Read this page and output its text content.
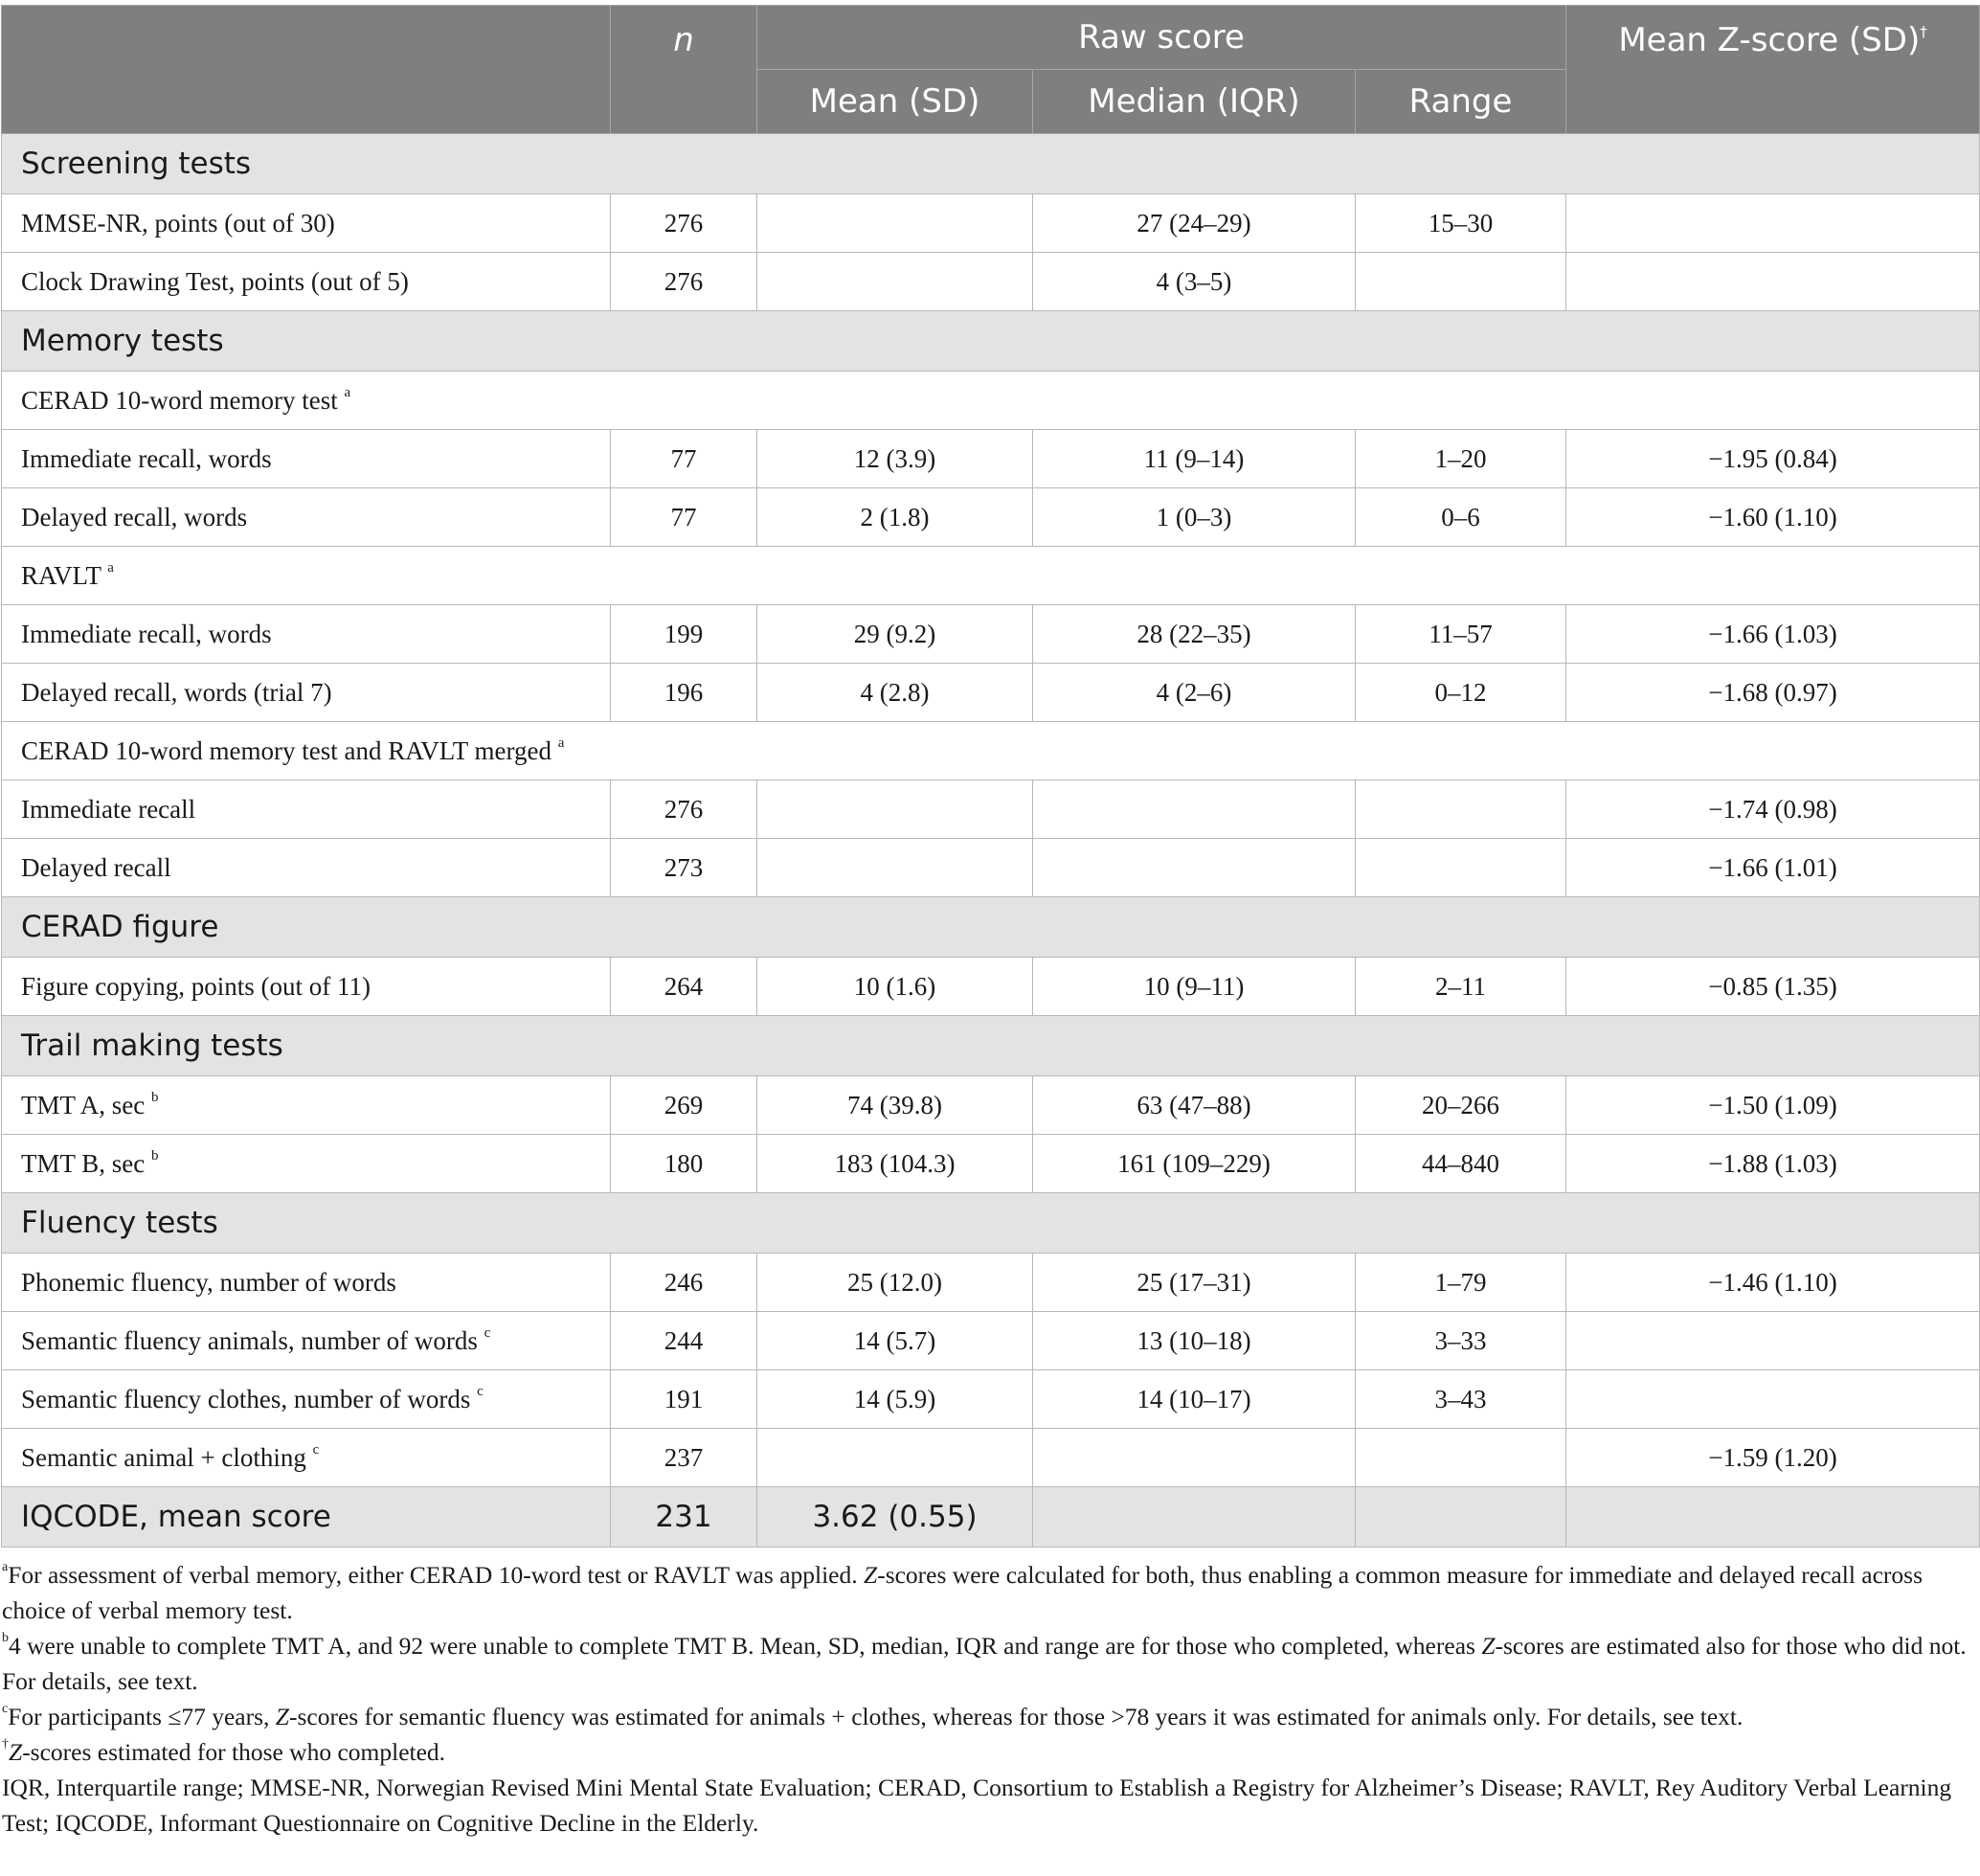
	n	Raw score			Mean Z-score (SD)†
		Mean (SD)	Median (IQR)	Range	
Screening tests					
MMSE-NR, points (out of 30)	276		27 (24–29)	15–30	
Clock Drawing Test, points (out of 5)	276		4 (3–5)		
Memory tests					
CERAD 10-word memory test $^a$
Immediate recall, words	77	12 (3.9)	11 (9–14)	1–20	−1.95 (0.84)
Delayed recall, words	77	2 (1.8)	1 (0–3)	0–6	−1.60 (1.10)
RAVLT $^a$
Immediate recall, words	199	29 (9.2)	28 (22–35)	11–57	−1.66 (1.03)
Delayed recall, words (trial 7)	196	4 (2.8)	4 (2–6)	0–12	−1.68 (0.97)
CERAD 10-word memory test and RAVLT merged $^a$
Immediate recall	276				−1.74 (0.98)
Delayed recall	273				−1.66 (1.01)
CERAD figure					
Figure copying, points (out of 11)	264	10 (1.6)	10 (9–11)	2–11	−0.85 (1.35)
Trail making tests					
TMT A, sec $^b$	269	74 (39.8)	63 (47–88)	20–266	−1.50 (1.09)
TMT B, sec $^b$	180	183 (104.3)	161 (109–229)	44–840	−1.88 (1.03)
Fluency tests					
Phonemic fluency, number of words	246	25 (12.0)	25 (17–31)	1–79	−1.46 (1.10)
Semantic fluency animals, number of words $^c$	244	14 (5.7)	13 (10–18)	3–33	
Semantic fluency clothes, number of words $^c$	191	14 (5.9)	14 (10–17)	3–43	
Semantic animal + clothing $^c$	237				−1.59 (1.20)
IQCODE, mean score	231	3.62 (0.55)			

$^a$For assessment of verbal memory, either CERAD 10-word test or RAVLT was applied. Z-scores were calculated for both, thus enabling a common measure for immediate and delayed recall across choice of verbal memory test.

$^b$4 were unable to complete TMT A, and 92 were unable to complete TMT B. Mean, SD, median, IQR and range are for those who completed, whereas Z-scores are estimated also for those who did not. For details, see text.

$^c$For participants ≤77 years, Z-scores for semantic fluency was estimated for animals + clothes, whereas for those >78 years it was estimated for animals only. For details, see text.

†Z-scores estimated for those who completed.

IQR, Interquartile range; MMSE-NR, Norwegian Revised Mini Mental State Evaluation; CERAD, Consortium to Establish a Registry for Alzheimer’s Disease; RAVLT, Rey Auditory Verbal Learning Test; IQCODE, Informant Questionnaire on Cognitive Decline in the Elderly.
